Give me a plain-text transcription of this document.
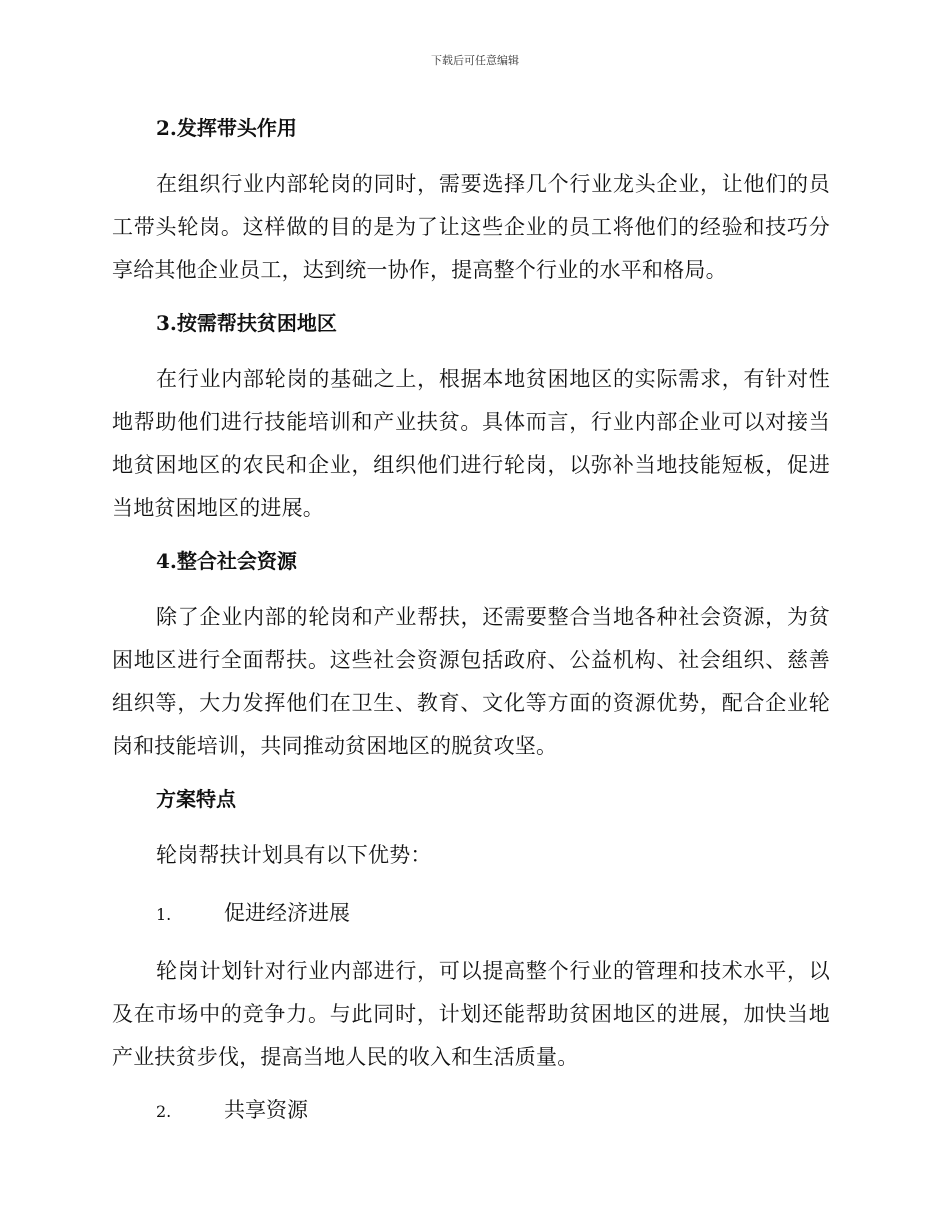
下载后可任意编辑
2.发挥带头作用

在组织行业内部轮岗的同时，需要选择几个行业龙头企业，让他们的员工带头轮岗。这样做的目的是为了让这些企业的员工将他们的经验和技巧分享给其他企业员工，达到统一协作，提高整个行业的水平和格局。

3.按需帮扶贫困地区

在行业内部轮岗的基础之上，根据本地贫困地区的实际需求，有针对性地帮助他们进行技能培训和产业扶贫。具体而言，行业内部企业可以对接当地贫困地区的农民和企业，组织他们进行轮岗，以弥补当地技能短板，促进当地贫困地区的进展。

4.整合社会资源

除了企业内部的轮岗和产业帮扶，还需要整合当地各种社会资源，为贫困地区进行全面帮扶。这些社会资源包括政府、公益机构、社会组织、慈善组织等，大力发挥他们在卫生、教育、文化等方面的资源优势，配合企业轮岗和技能培训，共同推动贫困地区的脱贫攻坚。

方案特点

轮岗帮扶计划具有以下优势：

1.	促进经济进展

轮岗计划针对行业内部进行，可以提高整个行业的管理和技术水平，以及在市场中的竞争力。与此同时，计划还能帮助贫困地区的进展，加快当地产业扶贫步伐，提高当地人民的收入和生活质量。

2.	共享资源
